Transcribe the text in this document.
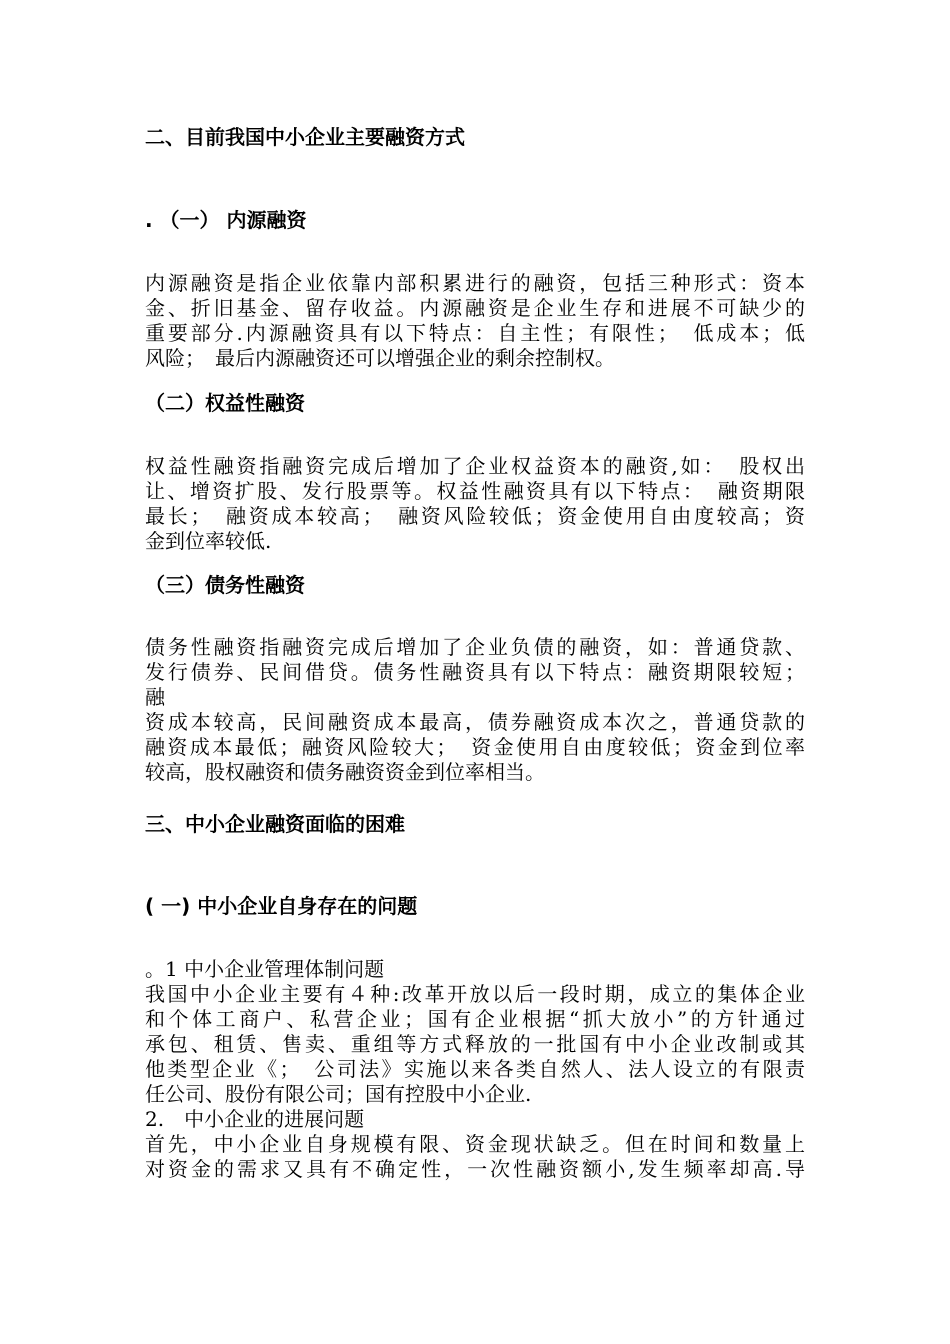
二、目前我国中小企业主要融资方式
. （一） 内源融资
内源融资是指企业依靠内部积累进行的融资，包括三种形式：资本
金、折旧基金、留存收益。内源融资是企业生存和进展不可缺少的
重要部分.内源融资具有以下特点：自主性；有限性；　低成本；低
风险；　最后内源融资还可以增强企业的剩余控制权。
（二）权益性融资
权益性融资指融资完成后增加了企业权益资本的融资,如：　股权出
让、增资扩股、发行股票等。权益性融资具有以下特点：　融资期限
最长；　融资成本较高；　融资风险较低；资金使用自由度较高；资
金到位率较低.
（三）债务性融资
债务性融资指融资完成后增加了企业负债的融资，如：普通贷款、
发行债券、民间借贷。债务性融资具有以下特点：融资期限较短；
融
资成本较高，民间融资成本最高，债券融资成本次之，普通贷款的
融资成本最低；融资风险较大；　资金使用自由度较低；资金到位率
较高，股权融资和债务融资资金到位率相当。
三、中小企业融资面临的困难
( 一) 中小企业自身存在的问题
。1 中小企业管理体制问题
我国中小企业主要有４种:改革开放以后一段时期，成立的集体企业
和个体工商户、私营企业；国有企业根据“抓大放小”的方针通过
承包、租赁、售卖、重组等方式释放的一批国有中小企业改制或其
他类型企业《；　公司法》实施以来各类自然人、法人设立的有限责
任公司、股份有限公司；国有控股中小企业.
2.　中小企业的进展问题
首先，中小企业自身规模有限、资金现状缺乏。但在时间和数量上
对资金的需求又具有不确定性，一次性融资额小,发生频率却高.导
